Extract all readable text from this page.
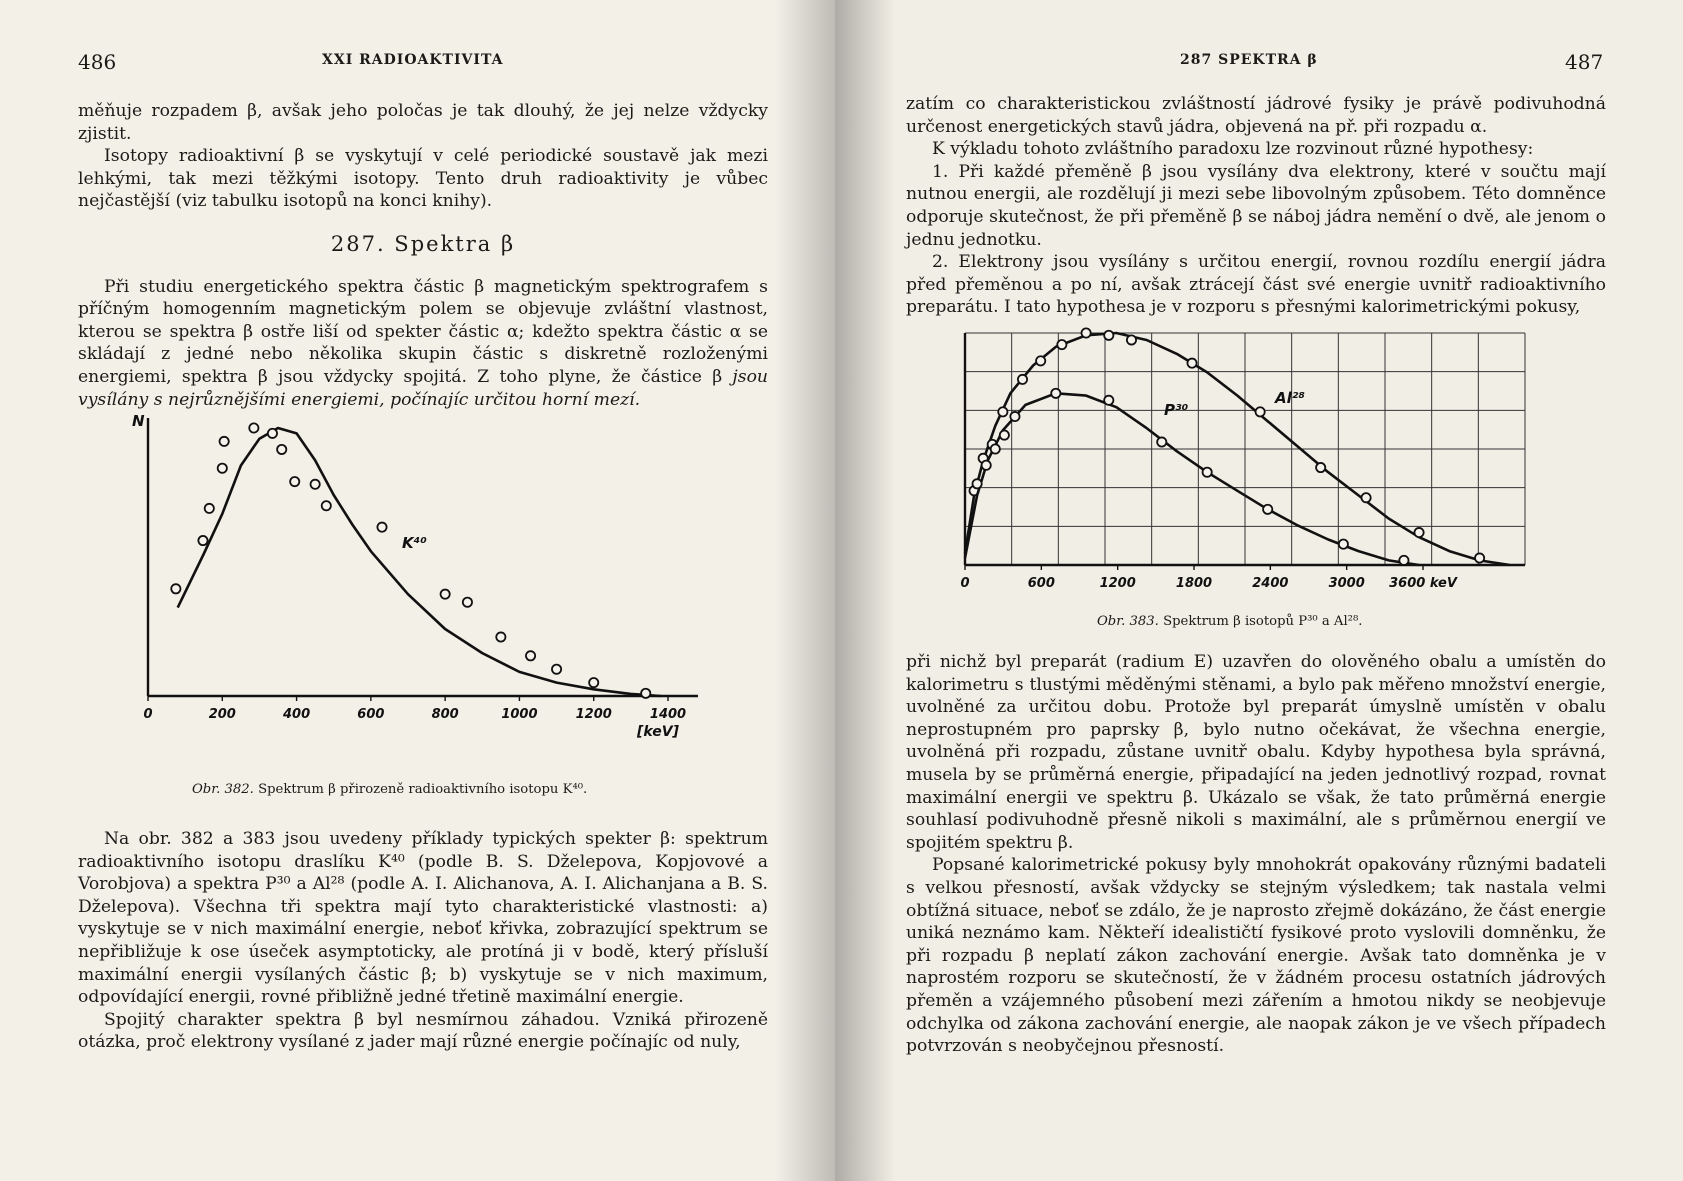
486	XXI RADIOAKTIVITA

měňuje rozpadem β, avšak jeho poločas je tak dlouhý, že jej nelze vždycky zjistit.

Isotopy radioaktivní β se vyskytují v celé periodické soustavě jak mezi lehkými, tak mezi těžkými isotopy. Tento druh radioaktivity je vůbec nejčastější (viz tabulku isotopů na konci knihy).

287. Spektra β

Při studiu energetického spektra částic β magnetickým spektrografem s příčným homogenním magnetickým polem se objevuje zvláštní vlastnost, kterou se spektra β ostře liší od spekter částic α; kdežto spektra částic α se skládají z jedné nebo několika skupin částic s diskretně rozloženými energiemi, spektra β jsou vždycky spojitá. Z toho plyne, že částice β jsou vysílány s nejrůznějšími energiemi, počínajíc určitou horní mezí.

0	200	400	600	800	1000	1200	1400
N
[keV]
K⁴⁰
Obr. 382. Spektrum β přirozeně radioaktivního isotopu K⁴⁰.

Na obr. 382 a 383 jsou uvedeny příklady typických spekter β: spektrum radioaktivního isotopu draslíku K⁴⁰ (podle B. S. Dželepova, Kopjovové a Vorobjova) a spektra P³⁰ a Al²⁸ (podle A. I. Alichanova, A. I. Alichanjana a B. S. Dželepova). Všechna tři spektra mají tyto charakteristické vlastnosti: a) vyskytuje se v nich maximální energie, neboť křivka, zobrazující spektrum se nepřibližuje k ose úseček asymptoticky, ale protíná ji v bodě, který přísluší maximální energii vysílaných částic β; b) vyskytuje se v nich maximum, odpovídající energii, rovné přibližně jedné třetině maximální energie.

Spojitý charakter spektra β byl nesmírnou záhadou. Vzniká přirozeně otázka, proč elektrony vysílané z jader mají různé energie počínajíc od nuly,

287 SPEKTRA β	487

zatím co charakteristickou zvláštností jádrové fysiky je právě podivuhodná určenost energetických stavů jádra, objevená na př. při rozpadu α.

K výkladu tohoto zvláštního paradoxu lze rozvinout různé hypothesy:

1. Při každé přeměně β jsou vysílány dva elektrony, které v součtu mají nutnou energii, ale rozdělují ji mezi sebe libovolným způsobem. Této domněnce odporuje skutečnost, že při přeměně β se náboj jádra nemění o dvě, ale jenom o jednu jednotku.

2. Elektrony jsou vysílány s určitou energií, rovnou rozdílu energií jádra před přeměnou a po ní, avšak ztrácejí část své energie uvnitř radioaktivního preparátu. I tato hypothesa je v rozporu s přesnými kalorimetrickými pokusy,

0	600	1200	1800	2400	3000 3600 keV
P³⁰
Al²⁸
Obr. 383. Spektrum β isotopů P³⁰ a Al²⁸.

při nichž byl preparát (radium E) uzavřen do olověného obalu a umístěn do kalorimetru s tlustými měděnými stěnami, a bylo pak měřeno množství energie, uvolněné za určitou dobu. Protože byl preparát úmyslně umístěn v obalu neprostupném pro paprsky β, bylo nutno očekávat, že všechna energie, uvolněná při rozpadu, zůstane uvnitř obalu. Kdyby hypothesa byla správná, musela by se průměrná energie, připadající na jeden jednotlivý rozpad, rovnat maximální energii ve spektru β. Ukázalo se však, že tato průměrná energie souhlasí podivuhodně přesně nikoli s maximální, ale s průměrnou energií ve spojitém spektru β.

Popsané kalorimetrické pokusy byly mnohokrát opakovány různými badateli s velkou přesností, avšak vždycky se stejným výsledkem; tak nastala velmi obtížná situace, neboť se zdálo, že je naprosto zřejmě dokázáno, že část energie uniká neznámo kam. Někteří idealističtí fysikové proto vyslovili domněnku, že při rozpadu β neplatí zákon zachování energie. Avšak tato domněnka je v naprostém rozporu se skutečností, že v žádném procesu ostatních jádrových přeměn a vzájemného působení mezi zářením a hmotou nikdy se neobjevuje odchylka od zákona zachování energie, ale naopak zákon je ve všech případech potvrzován s neobyčejnou přesností.
